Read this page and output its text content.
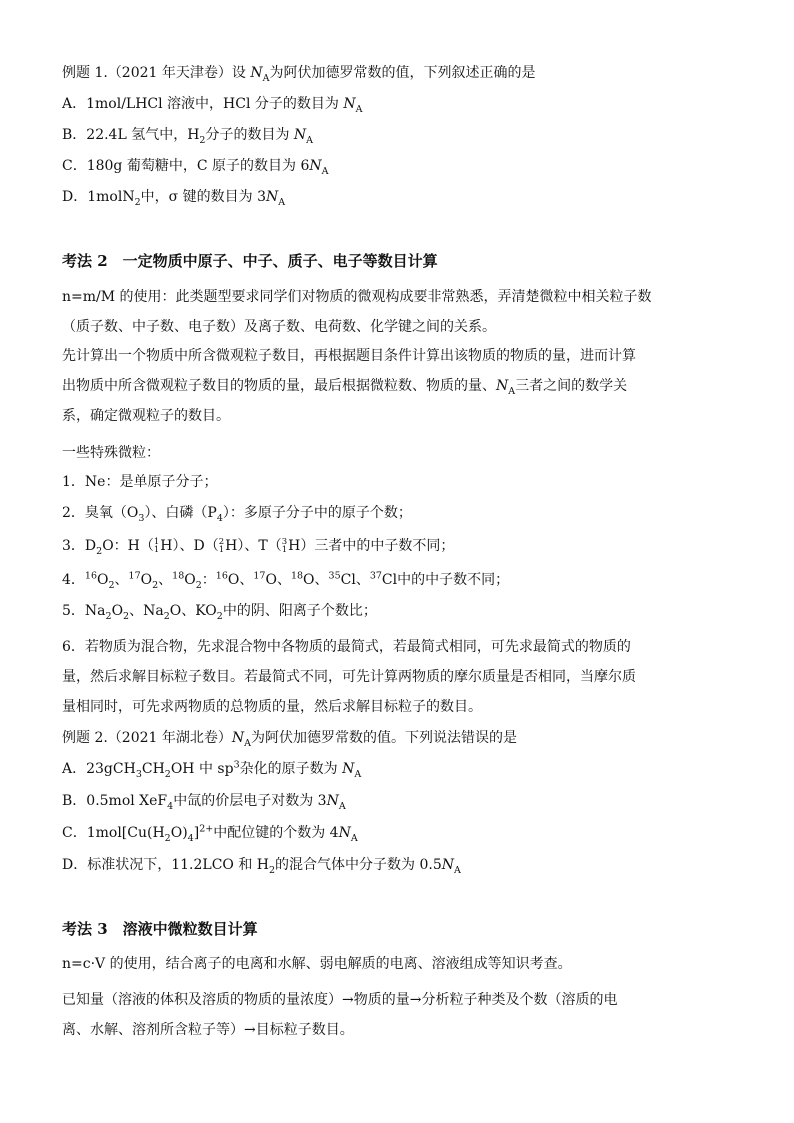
例题 1.（2021 年天津卷）设 $N_A$为阿伏加德罗常数的值，下列叙述正确的是
A．1mol/LHCl 溶液中，HCl 分子的数目为 $N_A$
B．22.4L 氢气中，$H_2$分子的数目为 $N_A$
C．180g 葡萄糖中，C 原子的数目为 $6N_A$
D．1molN$_2$中，σ 键的数目为 $3N_A$
考法 2　一定物质中原子、中子、质子、电子等数目计算
n=m/M 的使用：此类题型要求同学们对物质的微观构成要非常熟悉，弄清楚微粒中相关粒子数
（质子数、中子数、电子数）及离子数、电荷数、化学键之间的关系。
先计算出一个物质中所含微观粒子数目，再根据题目条件计算出该物质的物质的量，进而计算
出物质中所含微观粒子数目的物质的量，最后根据微粒数、物质的量、$N_A$三者之间的数学关
系，确定微观粒子的数目。
一些特殊微粒：
1．Ne：是单原子分子；
2．臭氧$(O_3)$、白磷$(P_4)$：多原子分子中的原子个数；
3．$D_2O$：H（ 1
1 H）、D（ 2
1 H）、T（ 3
1 H）三者中的中子数不同；
4．$^{16}O_2$、$^{17}O_2$、$^{18}O_2$：$^{16}$O、$^{17}$O、$^{18}$O、$^{35}$Cl、$^{37}$Cl中的中子数不同；
5．$Na_2O_2$、$Na_2O$、$KO_2$中的阴、阳离子个数比；
6．若物质为混合物，先求混合物中各物质的最简式，若最简式相同，可先求最简式的物质的
量，然后求解目标粒子数目。若最简式不同，可先计算两物质的摩尔质量是否相同，当摩尔质
量相同时，可先求两物质的总物质的量，然后求解目标粒子的数目。
例题 2.（2021 年湖北卷）$N_A$为阿伏加德罗常数的值。下列说法错误的是
A．$23gCH_3CH_2OH$ 中 $sp^3$杂化的原子数为 $N_A$
B．0.5mol XeF$_4$中氙的价层电子对数为 $3N_A$
C．$1mol[Cu(H_2O)_4]^{2+}$中配位键的个数为 $4N_A$
D．标准状况下，11.2LCO 和 $H_2$的混合气体中分子数为 $0.5N_A$
考法 3　溶液中微粒数目计算
n=c·V 的使用，结合离子的电离和水解、弱电解质的电离、溶液组成等知识考查。
已知量（溶液的体积及溶质的物质的量浓度）→物质的量→分析粒子种类及个数（溶质的电
离、水解、溶剂所含粒子等）→目标粒子数目。
